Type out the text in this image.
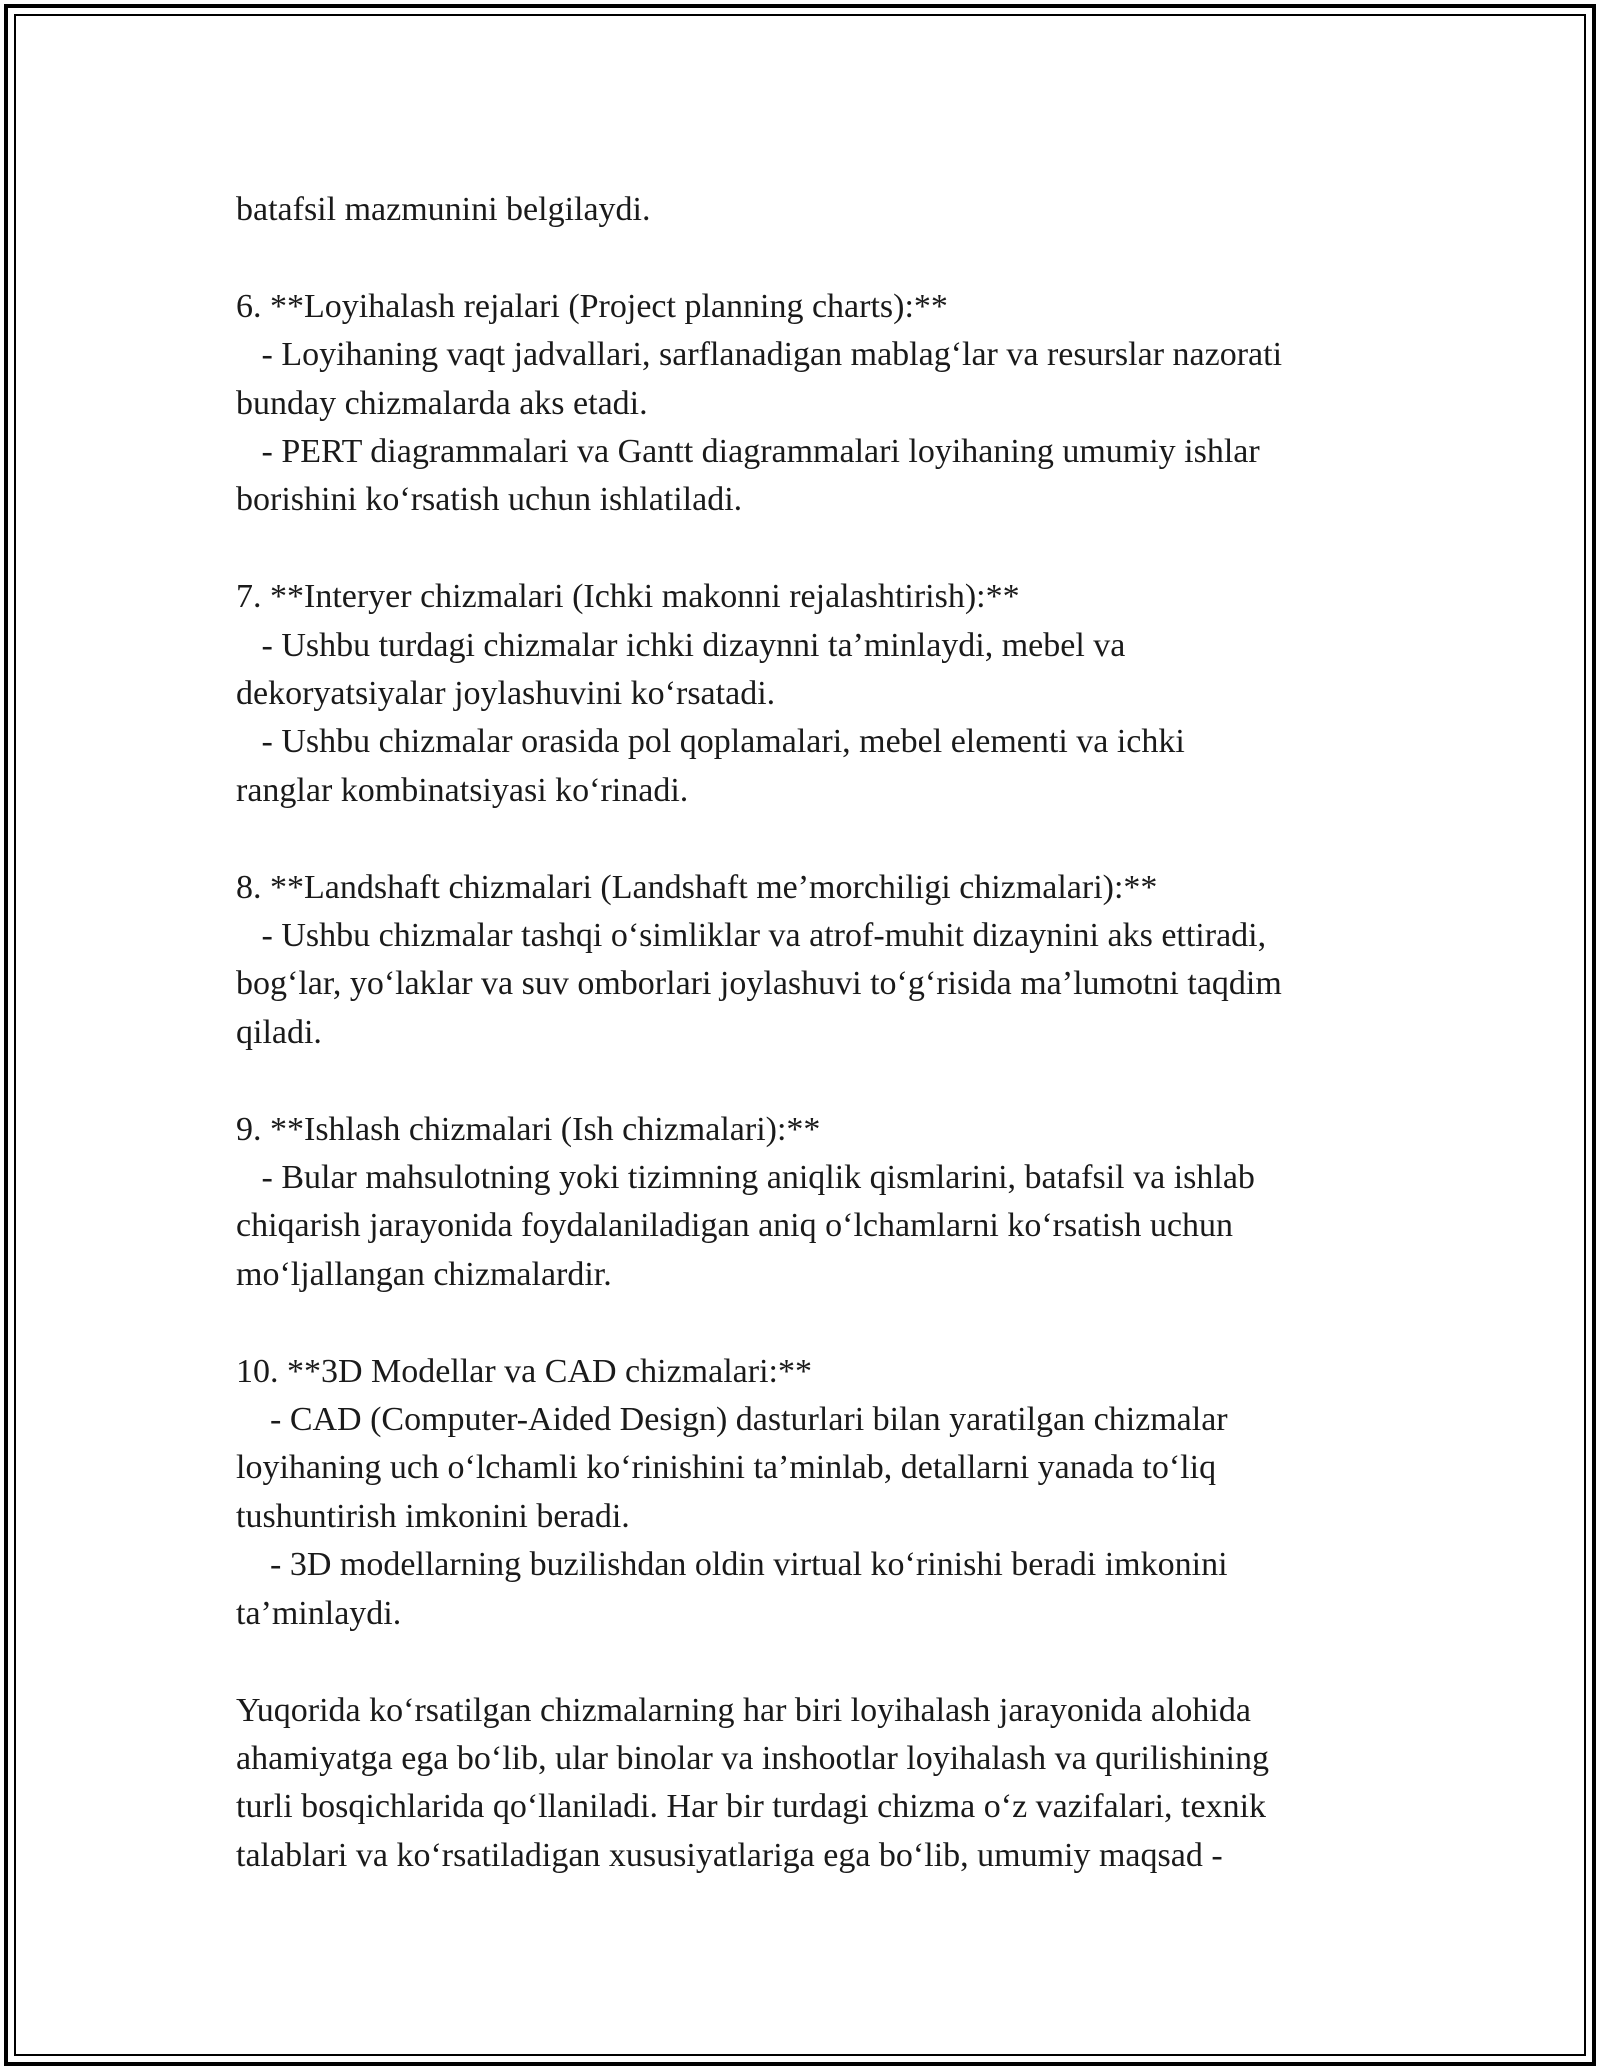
batafsil mazmunini belgilaydi.

6. **Loyihalash rejalari (Project planning charts):**

- Loyihaning vaqt jadvallari, sarflanadigan mablag‘lar va resurslar nazorati

bunday chizmalarda aks etadi.

- PERT diagrammalari va Gantt diagrammalari loyihaning umumiy ishlar

borishini ko‘rsatish uchun ishlatiladi.

7. **Interyer chizmalari (Ichki makonni rejalashtirish):**

- Ushbu turdagi chizmalar ichki dizaynni ta’minlaydi, mebel va

dekoryatsiyalar joylashuvini ko‘rsatadi.

- Ushbu chizmalar orasida pol qoplamalari, mebel elementi va ichki

ranglar kombinatsiyasi ko‘rinadi.

8. **Landshaft chizmalari (Landshaft me’morchiligi chizmalari):**

- Ushbu chizmalar tashqi o‘simliklar va atrof-muhit dizaynini aks ettiradi,

bog‘lar, yo‘laklar va suv omborlari joylashuvi to‘g‘risida ma’lumotni taqdim

qiladi.

9. **Ishlash chizmalari (Ish chizmalari):**

- Bular mahsulotning yoki tizimning aniqlik qismlarini, batafsil va ishlab

chiqarish jarayonida foydalaniladigan aniq o‘lchamlarni ko‘rsatish uchun

mo‘ljallangan chizmalardir.

10. **3D Modellar va CAD chizmalari:**

- CAD (Computer-Aided Design) dasturlari bilan yaratilgan chizmalar

loyihaning uch o‘lchamli ko‘rinishini ta’minlab, detallarni yanada to‘liq

tushuntirish imkonini beradi.

- 3D modellarning buzilishdan oldin virtual ko‘rinishi beradi imkonini

ta’minlaydi.

Yuqorida ko‘rsatilgan chizmalarning har biri loyihalash jarayonida alohida

ahamiyatga ega bo‘lib, ular binolar va inshootlar loyihalash va qurilishining

turli bosqichlarida qo‘llaniladi. Har bir turdagi chizma o‘z vazifalari, texnik

talablari va ko‘rsatiladigan xususiyatlariga ega bo‘lib, umumiy maqsad -
